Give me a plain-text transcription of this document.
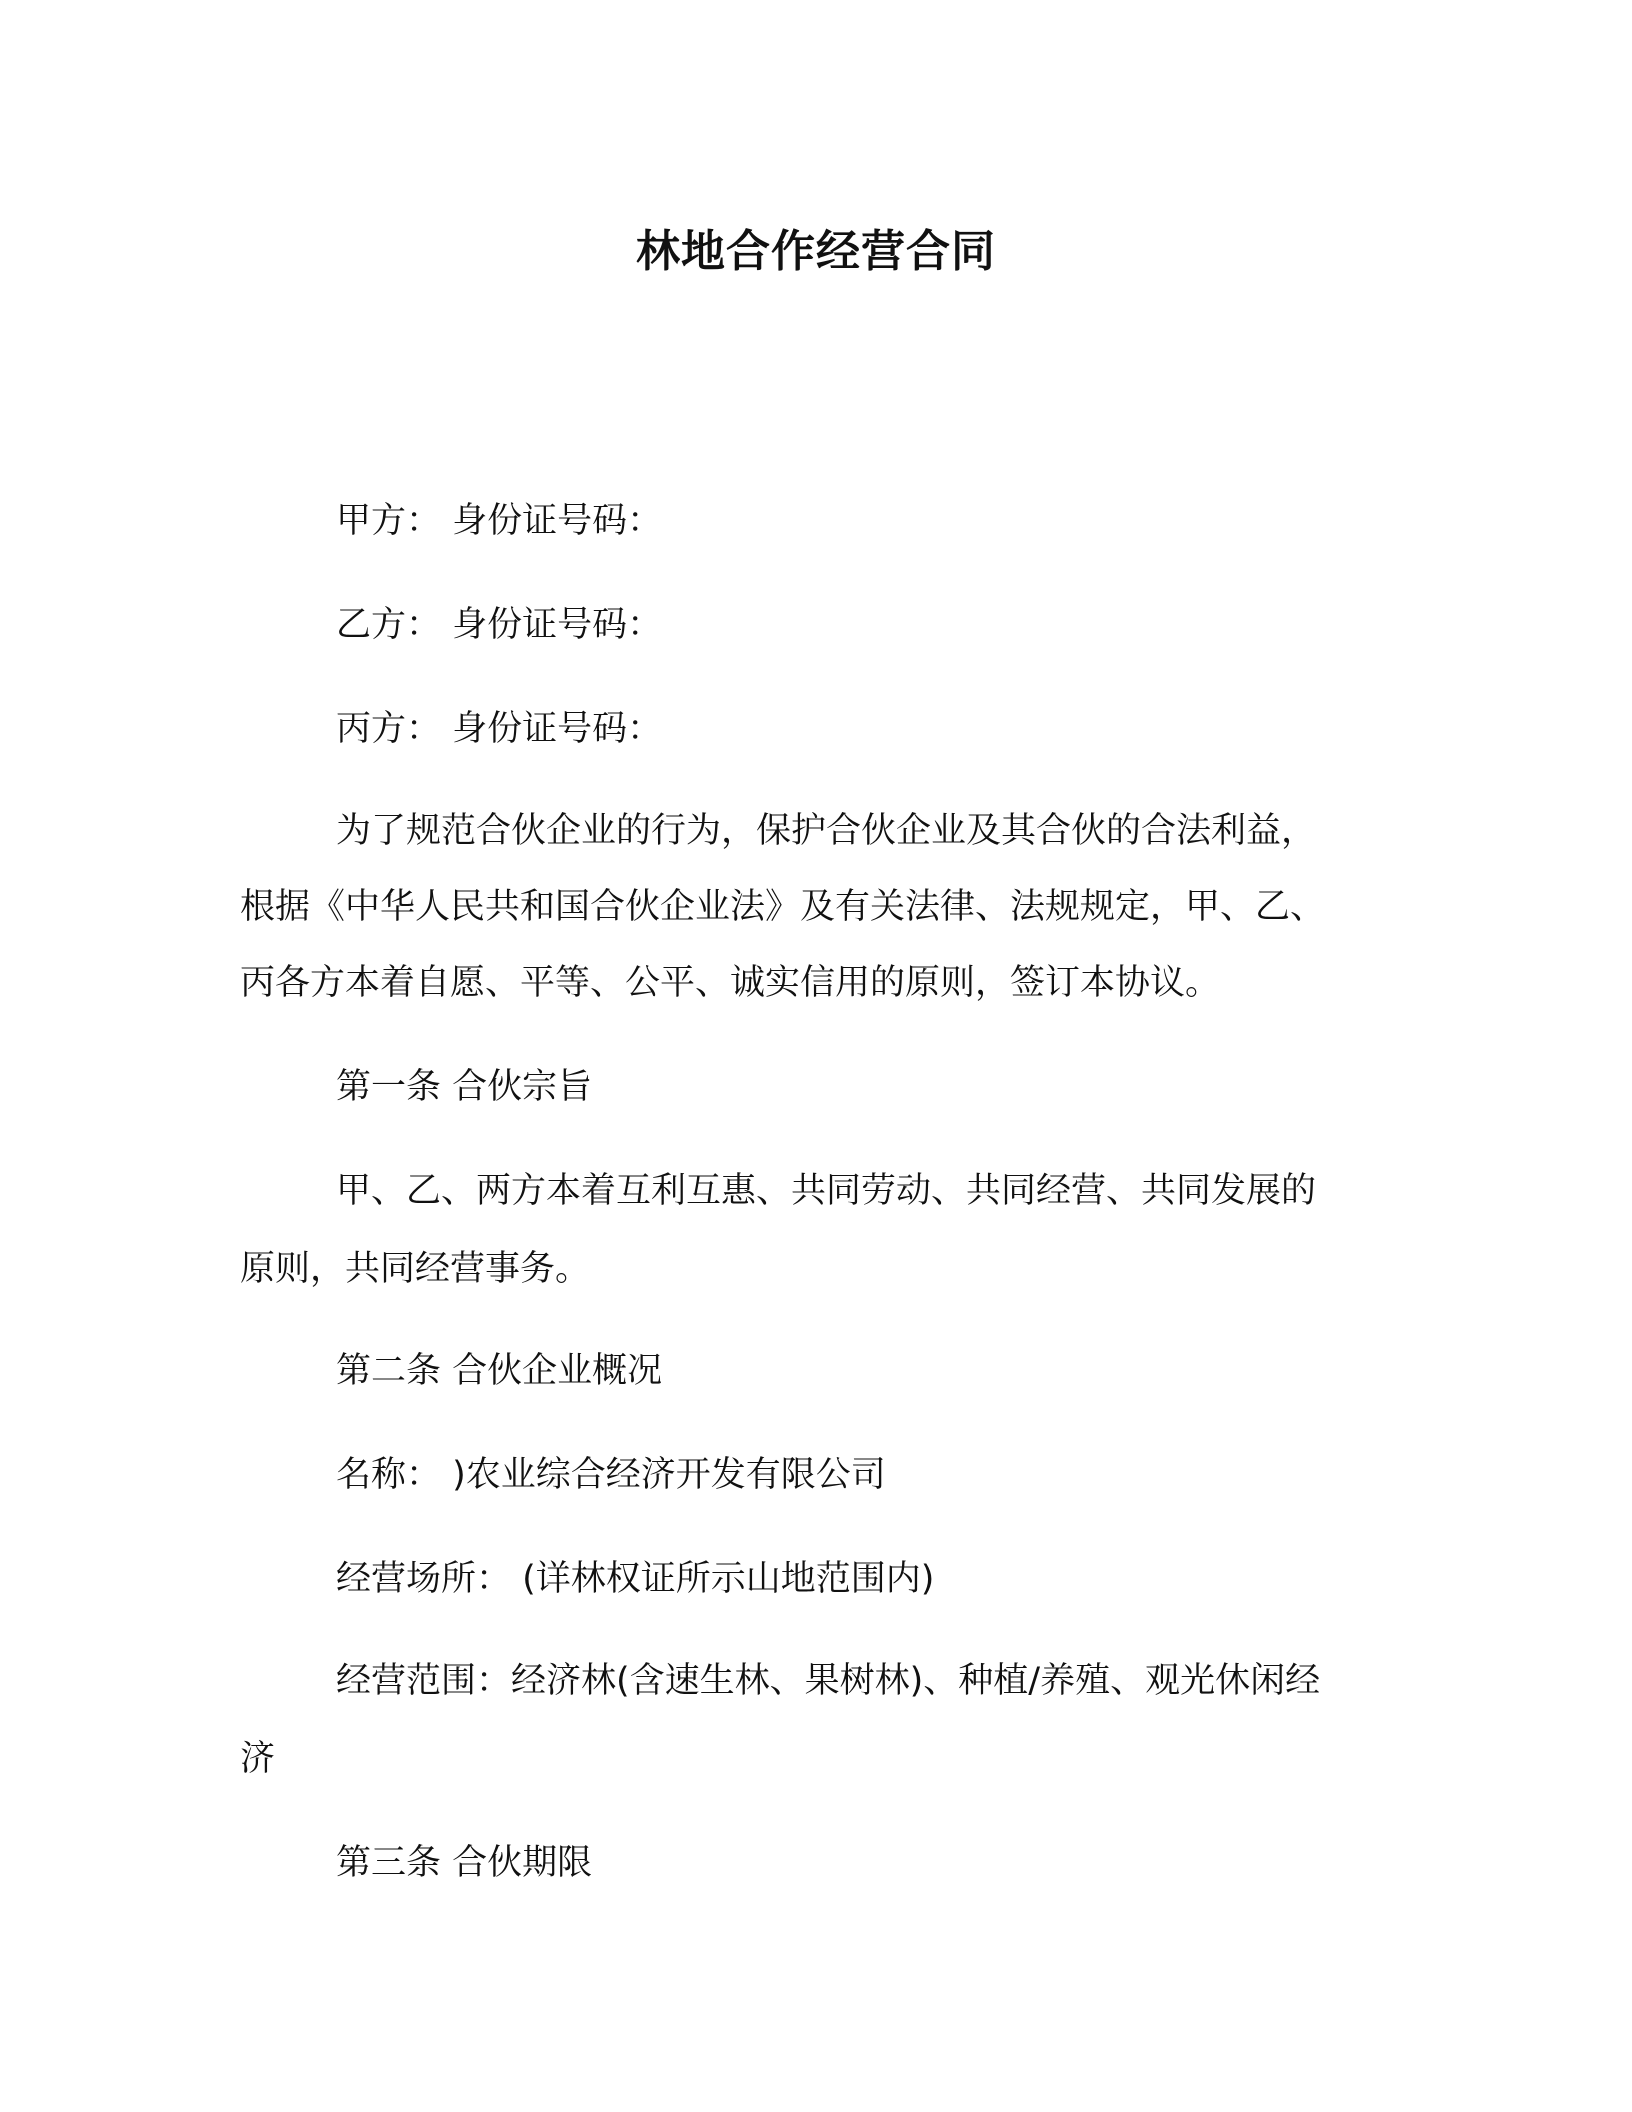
林地合作经营合同
甲方： 身份证号码：
乙方： 身份证号码：
丙方： 身份证号码：
为了规范合伙企业的行为，保护合伙企业及其合伙的合法利益，
根据《中华人民共和国合伙企业法》及有关法律、法规规定，甲、乙、
丙各方本着自愿、平等、公平、诚实信用的原则，签订本协议。
第一条 合伙宗旨
甲、乙、两方本着互利互惠、共同劳动、共同经营、共同发展的
原则，共同经营事务。
第二条 合伙企业概况
名称： )农业综合经济开发有限公司
经营场所： (详林权证所示山地范围内)
经营范围：经济林(含速生林、果树林)、种植/养殖、观光休闲经
济
第三条 合伙期限
